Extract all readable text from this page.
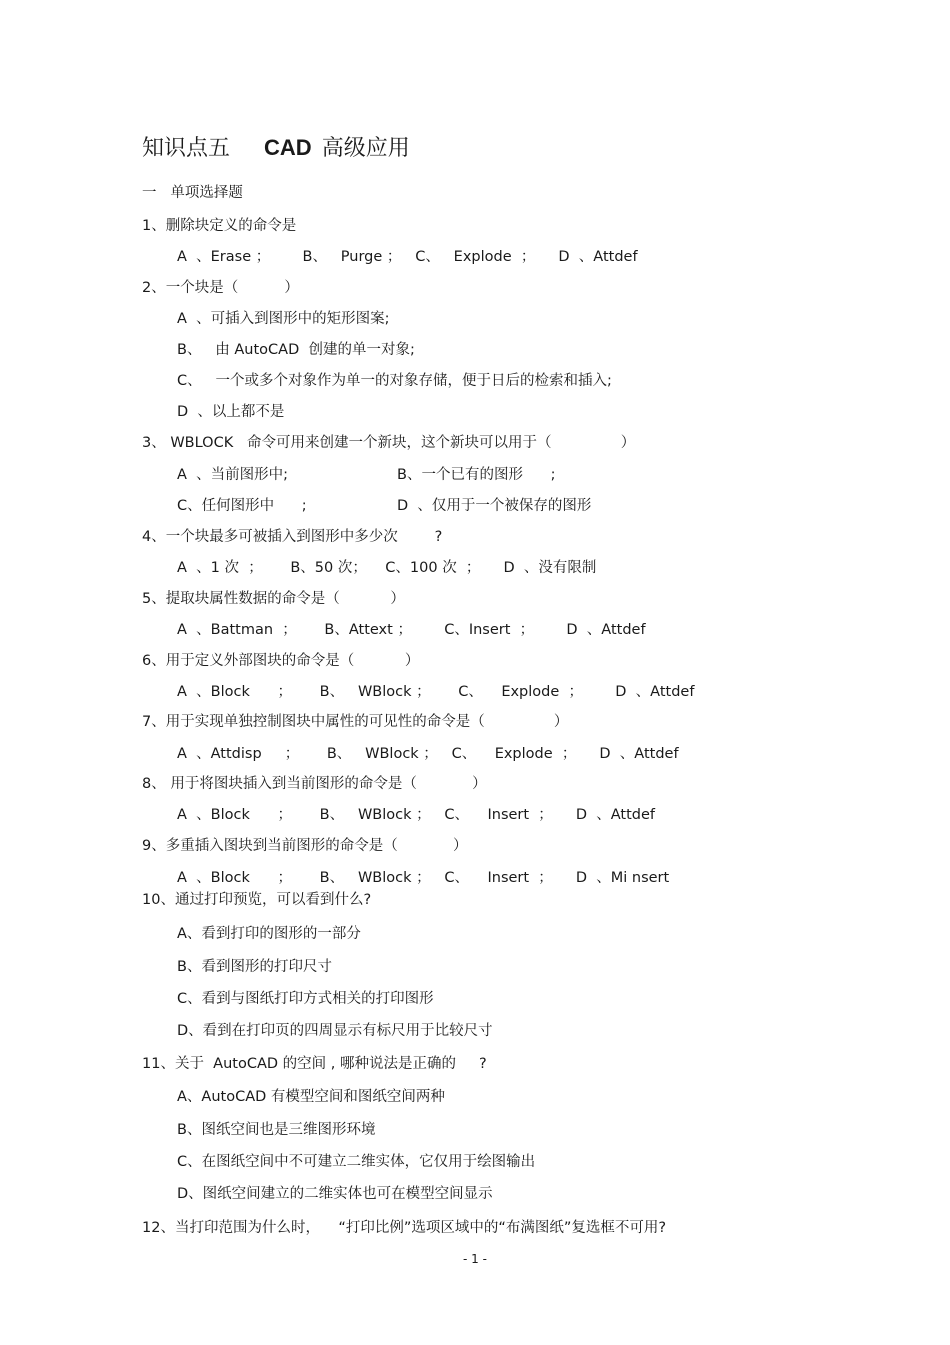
知识点五 CAD 高级应用
一   单项选择题
1、删除块定义的命令是
A  、Erase ；       B、   Purge ；   C、   Explode  ；     D  、Attdef
2、一个块是（          ）
A  、可插入到图形中的矩形图案;
B、   由 AutoCAD  创建的单一对象;
C、   一个或多个对象作为单一的对象存储，便于日后的检索和插入;
D  、以上都不是
3、 WBLOCK   命令可用来创建一个新块，这个新块可以用于（               ）
A  、当前图形中;	B、一个已有的图形      ;
C、任何图形中      ;	D  、仅用于一个被保存的图形
4、一个块最多可被插入到图形中多少次        ?
A  、1 次  ；      B、50 次；    C、100 次  ；     D  、没有限制
5、提取块属性数据的命令是（           ）
A  、Battman  ；      B、Attext ；       C、Insert  ；       D  、Attdef
6、用于定义外部图块的命令是（           ）
A  、Block      ；      B、   WBlock ；      C、    Explode  ；       D  、Attdef
7、用于实现单独控制图块中属性的可见性的命令是（               ）
A  、Attdisp     ；      B、   WBlock ；   C、    Explode  ；     D  、Attdef
8、 用于将图块插入到当前图形的命令是（            ）
A  、Block      ；      B、   WBlock ；   C、    Insert  ；     D  、Attdef
9、多重插入图块到当前图形的命令是（            ）
A  、Block      ；      B、   WBlock ；   C、    Insert  ；     D  、Mi nsert
10、通过打印预览，可以看到什么?
A、看到打印的图形的一部分
B、看到图形的打印尺寸
C、看到与图纸打印方式相关的打印图形
D、看到在打印页的四周显示有标尺用于比较尺寸
11、关于  AutoCAD 的空间 , 哪种说法是正确的     ?
A、AutoCAD 有模型空间和图纸空间两种
B、图纸空间也是三维图形环境
C、在图纸空间中不可建立二维实体，它仅用于绘图输出
D、图纸空间建立的二维实体也可在模型空间显示
12、当打印范围为什么时，    “打印比例”选项区域中的“布满图纸”复选框不可用?
- 1 -
